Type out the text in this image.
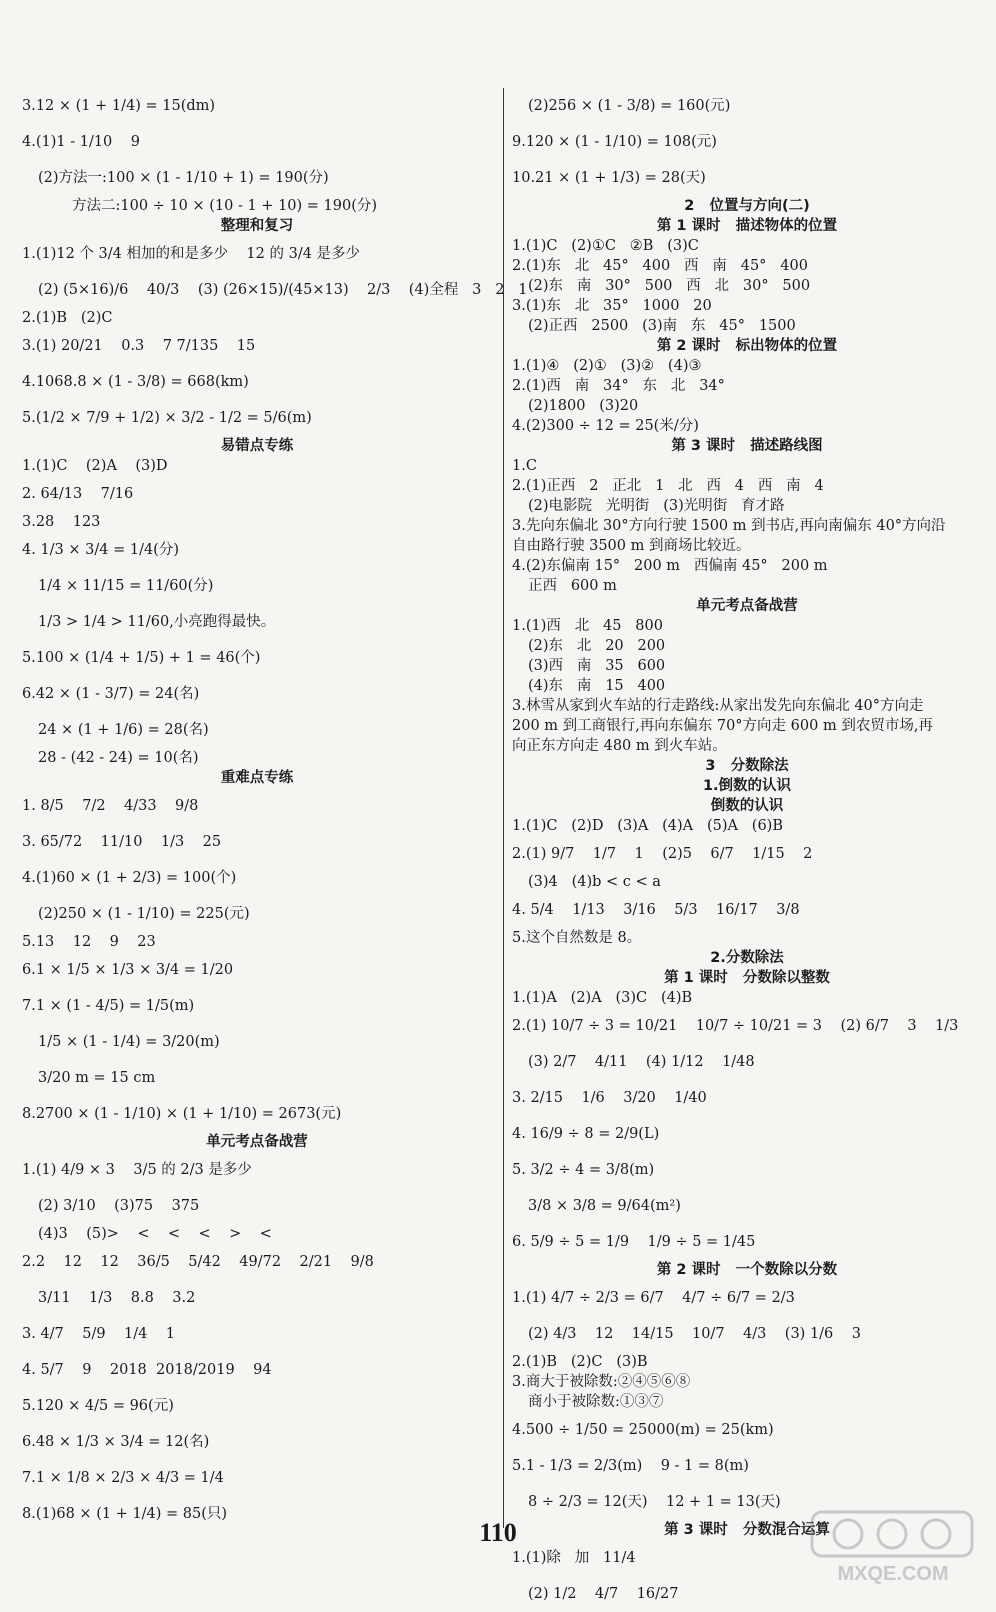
3.12 × (1 + 1/4) = 15(dm)
4.(1)1 - 1/10    9
(2)方法一:100 × (1 - 1/10 + 1) = 190(分)
方法二:100 ÷ 10 × (10 - 1 + 10) = 190(分)
整理和复习
1.(1)12 个 3/4 相加的和是多少    12 的 3/4 是多少
(2) (5×16)/6    40/3    (3) (26×15)/(45×13)    2/3    (4)全程   3   2   1
2.(1)B   (2)C
3.(1) 20/21    0.3    7 7/135    15
4.1068.8 × (1 - 3/8) = 668(km)
5.(1/2 × 7/9 + 1/2) × 3/2 - 1/2 = 5/6(m)
易错点专练
1.(1)C    (2)A    (3)D
2. 64/13    7/16
3.28    123
4. 1/3 × 3/4 = 1/4(分)
1/4 × 11/15 = 11/60(分)
1/3 > 1/4 > 11/60,小亮跑得最快。
5.100 × (1/4 + 1/5) + 1 = 46(个)
6.42 × (1 - 3/7) = 24(名)
24 × (1 + 1/6) = 28(名)
28 - (42 - 24) = 10(名)
重难点专练
1. 8/5    7/2    4/33    9/8
3. 65/72    11/10    1/3    25
4.(1)60 × (1 + 2/3) = 100(个)
(2)250 × (1 - 1/10) = 225(元)
5.13    12    9    23
6.1 × 1/5 × 1/3 × 3/4 = 1/20
7.1 × (1 - 4/5) = 1/5(m)
1/5 × (1 - 1/4) = 3/20(m)
3/20 m = 15 cm
8.2700 × (1 - 1/10) × (1 + 1/10) = 2673(元)
单元考点备战营
1.(1) 4/9 × 3    3/5 的 2/3 是多少
(2) 3/10    (3)75    375
(4)3    (5)>    <    <    <    >    <
2.2    12    12    36/5    5/42    49/72    2/21    9/8
3/11    1/3    8.8    3.2
3. 4/7    5/9    1/4    1
4. 5/7    9    2018  2018/2019    94
5.120 × 4/5 = 96(元)
6.48 × 1/3 × 3/4 = 12(名)
7.1 × 1/8 × 2/3 × 4/3 = 1/4
8.(1)68 × (1 + 1/4) = 85(只)
(2)256 × (1 - 3/8) = 160(元)
9.120 × (1 - 1/10) = 108(元)
10.21 × (1 + 1/3) = 28(天)
2   位置与方向(二)
第 1 课时   描述物体的位置
1.(1)C   (2)①C   ②B   (3)C
2.(1)东   北   45°   400   西   南   45°   400
(2)东   南   30°   500   西   北   30°   500
3.(1)东   北   35°   1000   20
(2)正西   2500   (3)南   东   45°   1500
第 2 课时   标出物体的位置
1.(1)④   (2)①   (3)②   (4)③
2.(1)西   南   34°   东   北   34°
(2)1800   (3)20
4.(2)300 ÷ 12 = 25(米/分)
第 3 课时   描述路线图
1.C
2.(1)正西   2   正北   1   北   西   4   西   南   4
(2)电影院   光明街   (3)光明街   育才路
3.先向东偏北 30°方向行驶 1500 m 到书店,再向南偏东 40°方向沿
自由路行驶 3500 m 到商场比较近。
4.(2)东偏南 15°   200 m   西偏南 45°   200 m
正西   600 m
单元考点备战营
1.(1)西   北   45   800
(2)东   北   20   200
(3)西   南   35   600
(4)东   南   15   400
3.林雪从家到火车站的行走路线:从家出发先向东偏北 40°方向走
200 m 到工商银行,再向东偏东 70°方向走 600 m 到农贸市场,再
向正东方向走 480 m 到火车站。
3   分数除法
1.倒数的认识
倒数的认识
1.(1)C   (2)D   (3)A   (4)A   (5)A   (6)B
2.(1) 9/7    1/7    1    (2)5    6/7    1/15    2
(3)4   (4)b < c < a
4. 5/4    1/13    3/16    5/3    16/17    3/8
5.这个自然数是 8。
2.分数除法
第 1 课时   分数除以整数
1.(1)A   (2)A   (3)C   (4)B
2.(1) 10/7 ÷ 3 = 10/21    10/7 ÷ 10/21 = 3    (2) 6/7    3    1/3
(3) 2/7    4/11    (4) 1/12    1/48
3. 2/15    1/6    3/20    1/40
4. 16/9 ÷ 8 = 2/9(L)
5. 3/2 ÷ 4 = 3/8(m)
3/8 × 3/8 = 9/64(m²)
6. 5/9 ÷ 5 = 1/9    1/9 ÷ 5 = 1/45
第 2 课时   一个数除以分数
1.(1) 4/7 ÷ 2/3 = 6/7    4/7 ÷ 6/7 = 2/3
(2) 4/3    12    14/15    10/7    4/3    (3) 1/6    3
2.(1)B   (2)C   (3)B
3.商大于被除数:②④⑤⑥⑧
商小于被除数:①③⑦
4.500 ÷ 1/50 = 25000(m) = 25(km)
5.1 - 1/3 = 2/3(m)    9 - 1 = 8(m)
8 ÷ 2/3 = 12(天)    12 + 1 = 13(天)
第 3 课时   分数混合运算
1.(1)除   加   11/4
(2) 1/2    4/7    16/27
110
MXQE.COM
